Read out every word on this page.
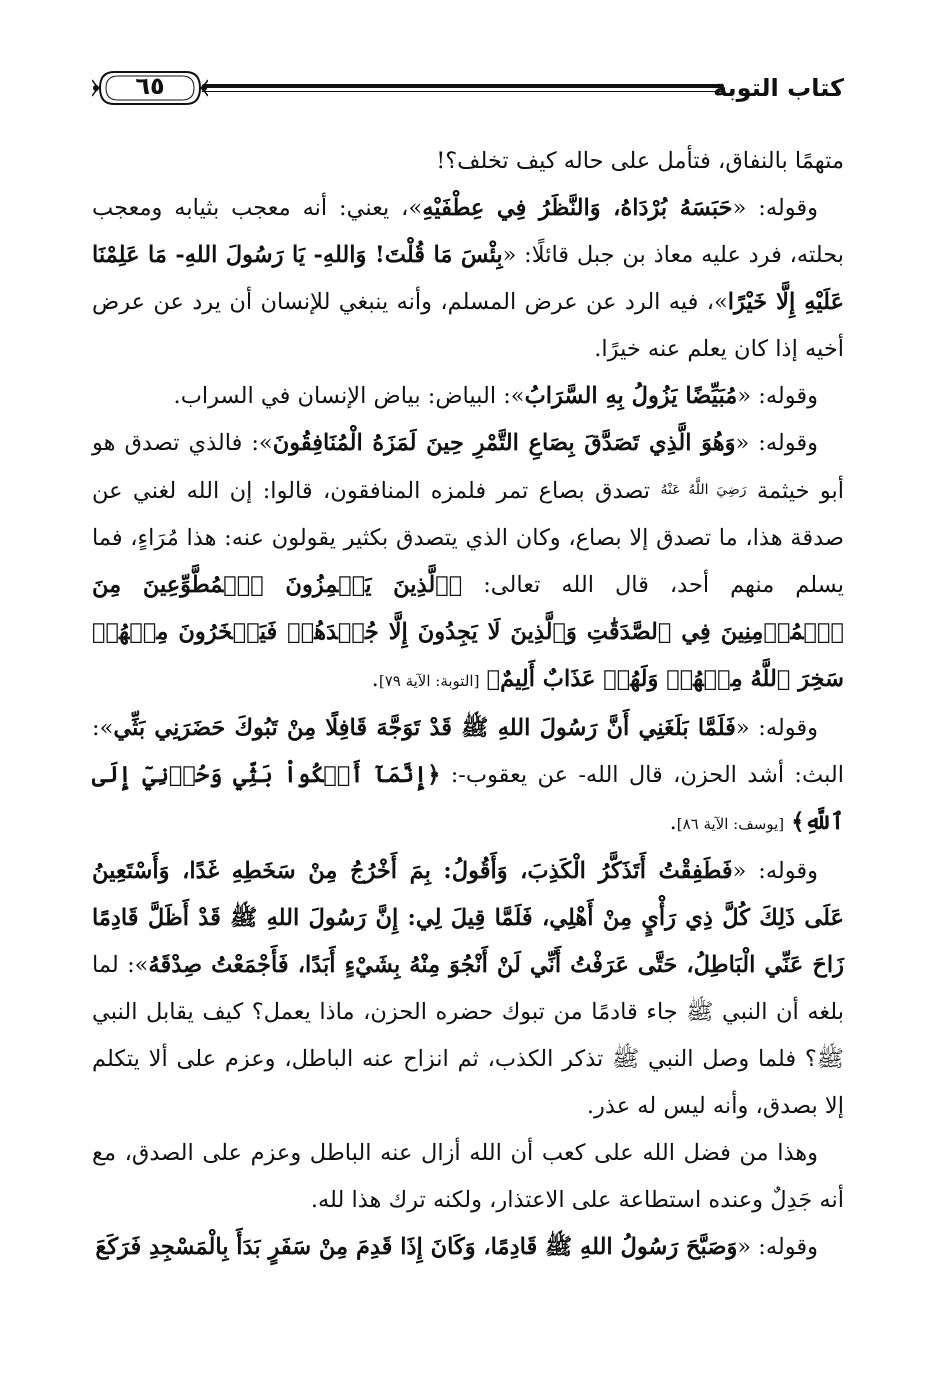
٦٥	كتاب التوبة

متهمًا بالنفاق، فتأمل على حاله كيف تخلف؟!

وقوله: «حَبَسَهُ بُرْدَاهُ، وَالنَّظَرُ فِي عِطْفَيْهِ»، يعني: أنه معجب بثيابه ومعجب بحلته، فرد عليه معاذ بن جبل قائلًا: «بِئْسَ مَا قُلْتَ! وَاللهِ- يَا رَسُولَ اللهِ- مَا عَلِمْنَا عَلَيْهِ إِلَّا خَيْرًا»، فيه الرد عن عرض المسلم، وأنه ينبغي للإنسان أن يرد عن عرض أخيه إذا كان يعلم عنه خيرًا.

وقوله: «مُبَيِّضًا يَزُولُ بِهِ السَّرَابُ»: البياض: بياض الإنسان في السراب.

وقوله: «وَهُوَ الَّذِي تَصَدَّقَ بِصَاعِ التَّمْرِ حِينَ لَمَزَهُ الْمُنَافِقُونَ»: فالذي تصدق هو أبو خيثمة رَضِيَ اللَّهُ عَنْهُ تصدق بصاع تمر فلمزه المنافقون، قالوا: إن الله لغني عن صدقة هذا، ما تصدق إلا بصاع، وكان الذي يتصدق بكثير يقولون عنه: هذا مُرَاءٍ، فما يسلم منهم أحد، قال الله تعالى: ﴿ٱلَّذِينَ يَلۡمِزُونَ ٱلۡمُطَّوِّعِينَ مِنَ ٱلۡمُؤۡمِنِينَ فِي ٱلصَّدَقَٰتِ وَٱلَّذِينَ لَا يَجِدُونَ إِلَّا جُهۡدَهُمۡ فَيَسۡخَرُونَ مِنۡهُمۡ سَخِرَ ٱللَّهُ مِنۡهُمۡ وَلَهُمۡ عَذَابٌ أَلِيمٌ﴾ [التوبة: الآية ٧٩].

وقوله: «فَلَمَّا بَلَغَنِي أَنَّ رَسُولَ اللهِ ﷺ قَدْ تَوَجَّهَ قَافِلًا مِنْ تَبُوكَ حَضَرَنِي بَثِّي»: البث: أشد الحزن، قال الله- عن يعقوب-: ﴿إِنَّمَآ أَشۡكُواْ بَثِّي وَحُزۡنِيٓ إِلَى ٱللَّهِ﴾ [يوسف: الآية ٨٦].

وقوله: «فَطَفِقْتُ أَتَذَكَّرُ الْكَذِبَ، وَأَقُولُ: بِمَ أَخْرُجُ مِنْ سَخَطِهِ غَدًا، وَأَسْتَعِينُ عَلَى ذَلِكَ كُلَّ ذِي رَأْيٍ مِنْ أَهْلِي، فَلَمَّا قِيلَ لِي: إِنَّ رَسُولَ اللهِ ﷺ قَدْ أَظَلَّ قَادِمًا زَاحَ عَنِّي الْبَاطِلُ، حَتَّى عَرَفْتُ أَنِّي لَنْ أَنْجُوَ مِنْهُ بِشَيْءٍ أَبَدًا، فَأَجْمَعْتُ صِدْقَهُ»: لما بلغه أن النبي ﷺ جاء قادمًا من تبوك حضره الحزن، ماذا يعمل؟ كيف يقابل النبي ﷺ؟ فلما وصل النبي ﷺ تذكر الكذب، ثم انزاح عنه الباطل، وعزم على ألا يتكلم إلا بصدق، وأنه ليس له عذر.

وهذا من فضل الله على كعب أن الله أزال عنه الباطل وعزم على الصدق، مع أنه جَدِلٌ وعنده استطاعة على الاعتذار، ولكنه ترك هذا لله.

وقوله: «وَصَبَّحَ رَسُولُ اللهِ ﷺ قَادِمًا، وَكَانَ إِذَا قَدِمَ مِنْ سَفَرٍ بَدَأَ بِالْمَسْجِدِ فَرَكَعَ
